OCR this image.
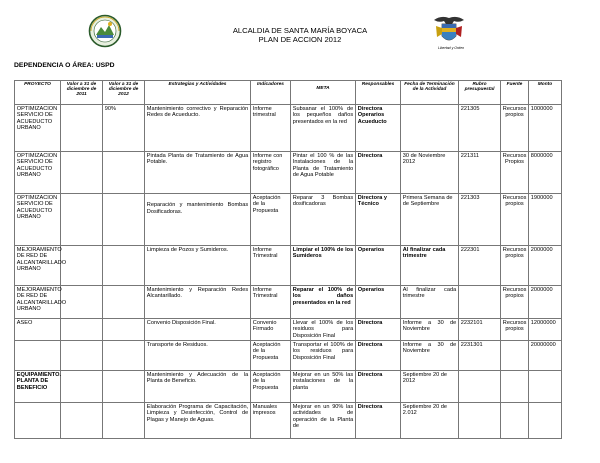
ALCALDIA DE SANTA MARÍA BOYACA
PLAN DE ACCION 2012
Libertad y Orden
DEPENDENCIA O ÁREA: USPD
PROYECTO	Valor a 31 de diciembre de 2011	Valor a 31 de diciembre de 2012	Estrategias y Actividades	Indicadores	META	Responsables	Fecha de Terminación de la Actividad	Rubro presupuestal	Fuente	Monto
OPTIMIZACION SERVICIO DE ACUEDUCTO URBANO		90%	Mantenimiento correctivo y Reparación Redes de Acueducto.	Informe trimestral	Subsanar el 100% de los pequeños daños presentados en la red	Directora Operarios Acueducto		221305	Recursos propios	1000000
OPTIMIZACION SERVICIO DE ACUEDUCTO URBANO			Pintada Planta de Tratamiento de Agua Potable.	Informe con registro fotográfico	Pintar el 100 % de las Instalaciones de la Planta de Tratamiento de Agua Potable	Directora	30 de Noviembre 2012	221311	Recursos Propios	8000000
OPTIMIZACION SERVICIO DE ACUEDUCTO URBANO			Reparación y mantenimiento Bombas Dosificadoras.	Aceptación de la Propuesta	Reparar 3 Bombas dosificadoras	Directora y Técnico	Primera Semana de de Septiembre	221303	Recursos propios	1900000
MEJORAMIENTO DE RED DE ALCANTARILLADO URBANO			Limpieza de Pozos y Sumideros.	Informe Trimestral	Limpiar el 100% de los Sumideros	Operarios	Al finalizar cada trimestre	222301	Recursos propios	2000000
MEJORAMIENTO DE RED DE ALCANTARILLADO URBANO			Mantenimiento y Reparación Redes Alcantarillado.	Informe Trimestral	Reparar el 100% de los daños presentados en la red	Operarios	Al finalizar cada trimestre		Recursos propios	2000000
ASEO			Convenio Disposición Final.	Convenio Firmado	Llevar el 100% de los residuos para Disposición Final	Directora	Informe a 30 de Noviembre	2232101	Recursos propios	12000000
			Transporte de Residuos.	Aceptación de la Propuesta	Transportar el 100% de los residuos para Disposición Final	Directora	Informe a 30 de Noviembre	2231301		20000000
EQUIPAMIENTO. PLANTA DE BENEFICIO			Mantenimiento y Adecuación de la Planta de Beneficio.	Aceptación de la Propuesta	Mejorar en un 50% las instalaciones de la planta	Directora	Septiembre 20 de 2012			
			Elaboración Programa de Capacitación, Limpieza y Desinfección, Control de Plagas y Manejo de Aguas.	Manuales impresos	Mejorar en un 90% las actividades de operación de la Planta de	Directora	Septiembre 20 de 2.012			
